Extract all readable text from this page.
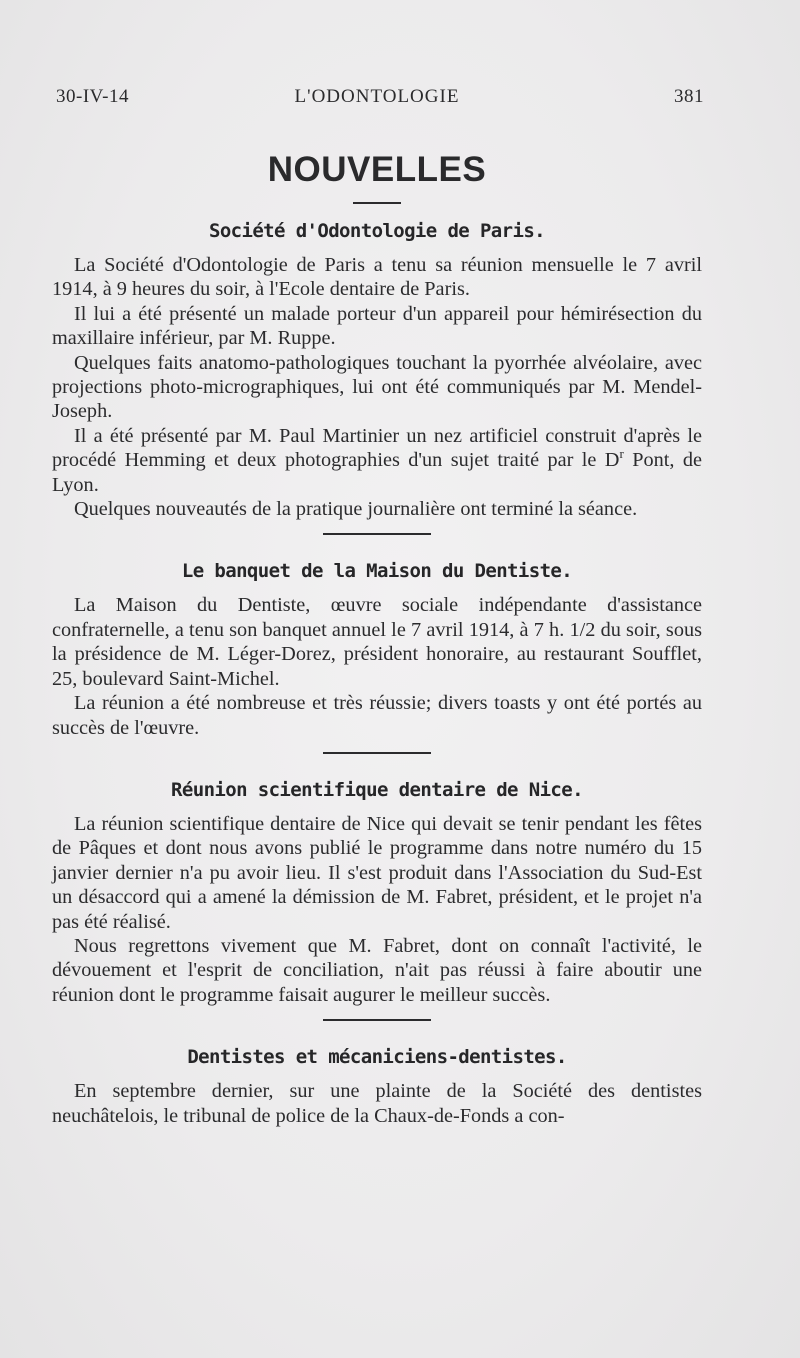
30-IV-14	L'ODONTOLOGIE	381
NOUVELLES
Société d'Odontologie de Paris.

La Société d'Odontologie de Paris a tenu sa réunion mensuelle le 7 avril 1914, à 9 heures du soir, à l'Ecole dentaire de Paris.

Il lui a été présenté un malade porteur d'un appareil pour hémirésection du maxillaire inférieur, par M. Ruppe.

Quelques faits anatomo-pathologiques touchant la pyorrhée alvéolaire, avec projections photo-micrographiques, lui ont été communiqués par M. Mendel-Joseph.

Il a été présenté par M. Paul Martinier un nez artificiel construit d'après le procédé Hemming et deux photographies d'un sujet traité par le $D^r$ Pont, de Lyon.

Quelques nouveautés de la pratique journalière ont terminé la séance.

Le banquet de la Maison du Dentiste.

La Maison du Dentiste, œuvre sociale indépendante d'assistance confraternelle, a tenu son banquet annuel le 7 avril 1914, à 7 h. 1/2 du soir, sous la présidence de M. Léger-Dorez, président honoraire, au restaurant Soufflet, 25, boulevard Saint-Michel.

La réunion a été nombreuse et très réussie; divers toasts y ont été portés au succès de l'œuvre.

Réunion scientifique dentaire de Nice.

La réunion scientifique dentaire de Nice qui devait se tenir pendant les fêtes de Pâques et dont nous avons publié le programme dans notre numéro du 15 janvier dernier n'a pu avoir lieu. Il s'est produit dans l'Association du Sud-Est un désaccord qui a amené la démission de M. Fabret, président, et le projet n'a pas été réalisé.

Nous regrettons vivement que M. Fabret, dont on connaît l'activité, le dévouement et l'esprit de conciliation, n'ait pas réussi à faire aboutir une réunion dont le programme faisait augurer le meilleur succès.

Dentistes et mécaniciens-dentistes.

En septembre dernier, sur une plainte de la Société des dentistes neuchâtelois, le tribunal de police de la Chaux-de-Fonds a con-
